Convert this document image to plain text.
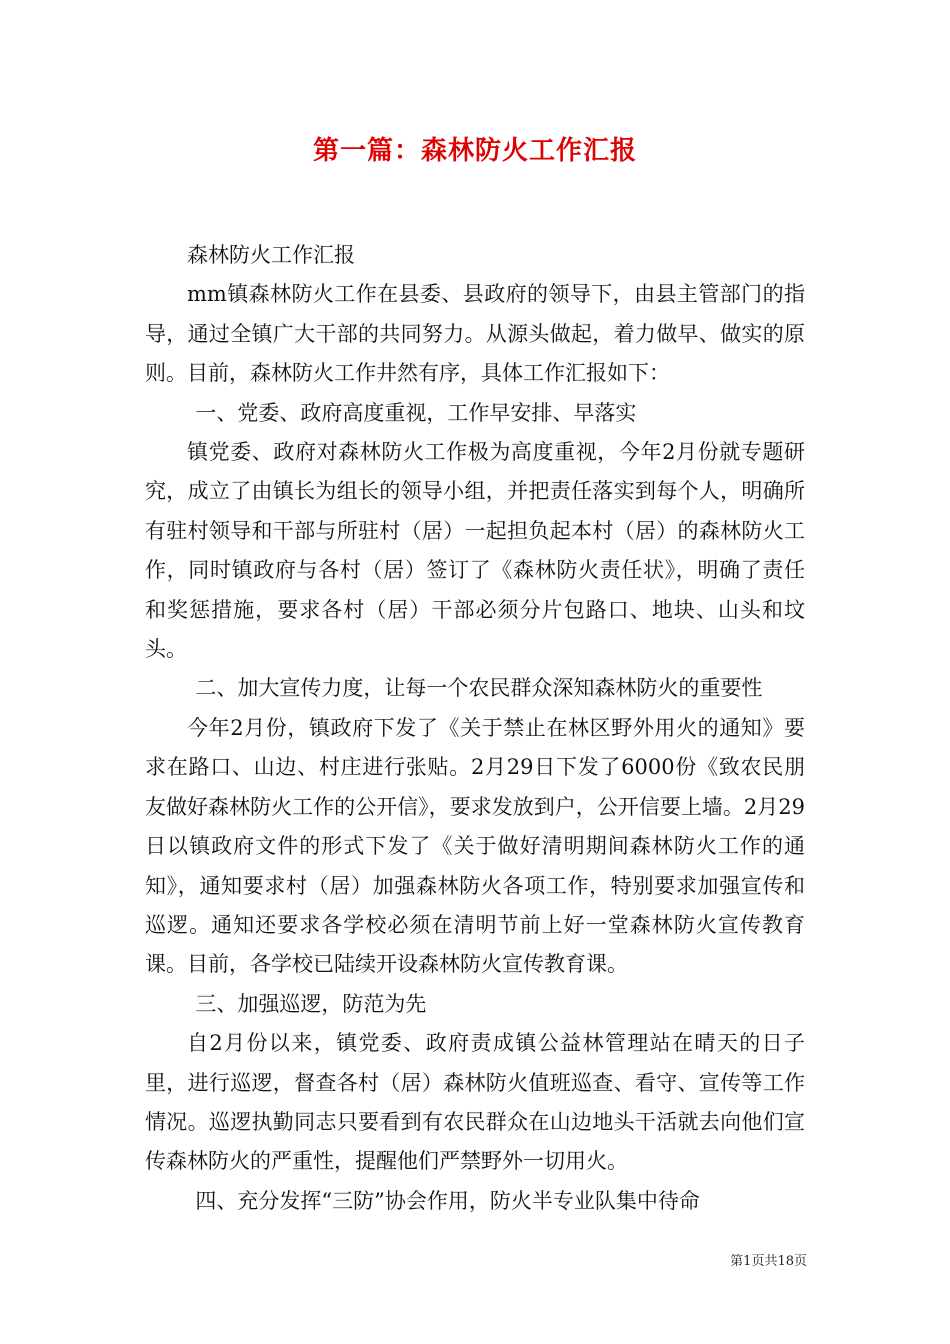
第一篇：森林防火工作汇报

森林防火工作汇报

mm镇森林防火工作在县委、县政府的领导下，由县主管部门的指导，通过全镇广大干部的共同努力。从源头做起，着力做早、做实的原则。目前，森林防火工作井然有序，具体工作汇报如下：

一、党委、政府高度重视，工作早安排、早落实

镇党委、政府对森林防火工作极为高度重视，今年2月份就专题研究，成立了由镇长为组长的领导小组，并把责任落实到每个人，明确所有驻村领导和干部与所驻村（居）一起担负起本村（居）的森林防火工作，同时镇政府与各村（居）签订了《森林防火责任状》，明确了责任和奖惩措施，要求各村（居）干部必须分片包路口、地块、山头和坟头。

二、加大宣传力度，让每一个农民群众深知森林防火的重要性

今年2月份，镇政府下发了《关于禁止在林区野外用火的通知》要求在路口、山边、村庄进行张贴。2月29日下发了6000份《致农民朋友做好森林防火工作的公开信》，要求发放到户，公开信要上墙。2月29日以镇政府文件的形式下发了《关于做好清明期间森林防火工作的通知》，通知要求村（居）加强森林防火各项工作，特别要求加强宣传和巡逻。通知还要求各学校必须在清明节前上好一堂森林防火宣传教育课。目前，各学校已陆续开设森林防火宣传教育课。

三、加强巡逻，防范为先

自2月份以来，镇党委、政府责成镇公益林管理站在晴天的日子里，进行巡逻，督查各村（居）森林防火值班巡查、看守、宣传等工作情况。巡逻执勤同志只要看到有农民群众在山边地头干活就去向他们宣传森林防火的严重性，提醒他们严禁野外一切用火。

四、充分发挥“三防”协会作用，防火半专业队集中待命

第1页共18页
